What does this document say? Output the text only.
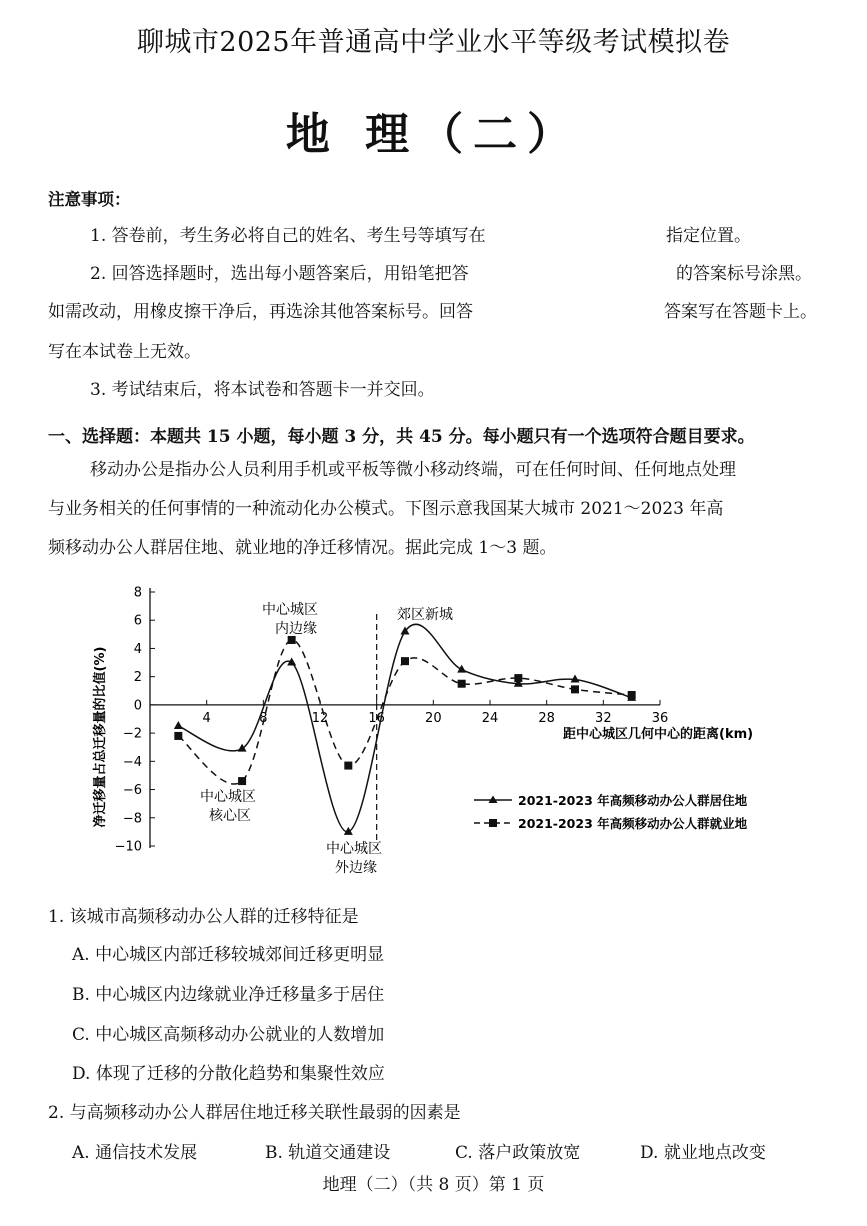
聊城市2025年普通高中学业水平等级考试模拟卷
地 理（二）
注意事项：
1. 答卷前，考生务必将自己的姓名、考生号等填写在	指定位置。
2. 回答选择题时，选出每小题答案后，用铅笔把答	的答案标号涂黑。
如需改动，用橡皮擦干净后，再选涂其他答案标号。回答	答案写在答题卡上。
写在本试卷上无效。
3. 考试结束后，将本试卷和答题卡一并交回。
一、选择题：本题共 15 小题，每小题 3 分，共 45 分。每小题只有一个选项符合题目要求。
移动办公是指办公人员利用手机或平板等微小移动终端，可在任何时间、任何地点处理
与业务相关的任何事情的一种流动化办公模式。下图示意我国某大城市 2021～2023 年高
频移动办公人群居住地、就业地的净迁移情况。据此完成 1～3 题。
8
6
4
2
0
−2
−4
−6
−8
−10
4	8	12	16	20	24	28	32	36
净迁移量占总迁移量的比值(%)	距中心城区几何中心的距离(km)
中心城区
内边缘
郊区新城
中心城区
核心区
中心城区
外边缘
2021-2023 年高频移动办公人群居住地
2021-2023 年高频移动办公人群就业地
1. 该城市高频移动办公人群的迁移特征是
A. 中心城区内部迁移较城郊间迁移更明显
B. 中心城区内边缘就业净迁移量多于居住
C. 中心城区高频移动办公就业的人数增加
D. 体现了迁移的分散化趋势和集聚性效应
2. 与高频移动办公人群居住地迁移关联性最弱的因素是
A. 通信技术发展	B. 轨道交通建设	C. 落户政策放宽	D. 就业地点改变
地理（二）（共 8 页）第 1 页
